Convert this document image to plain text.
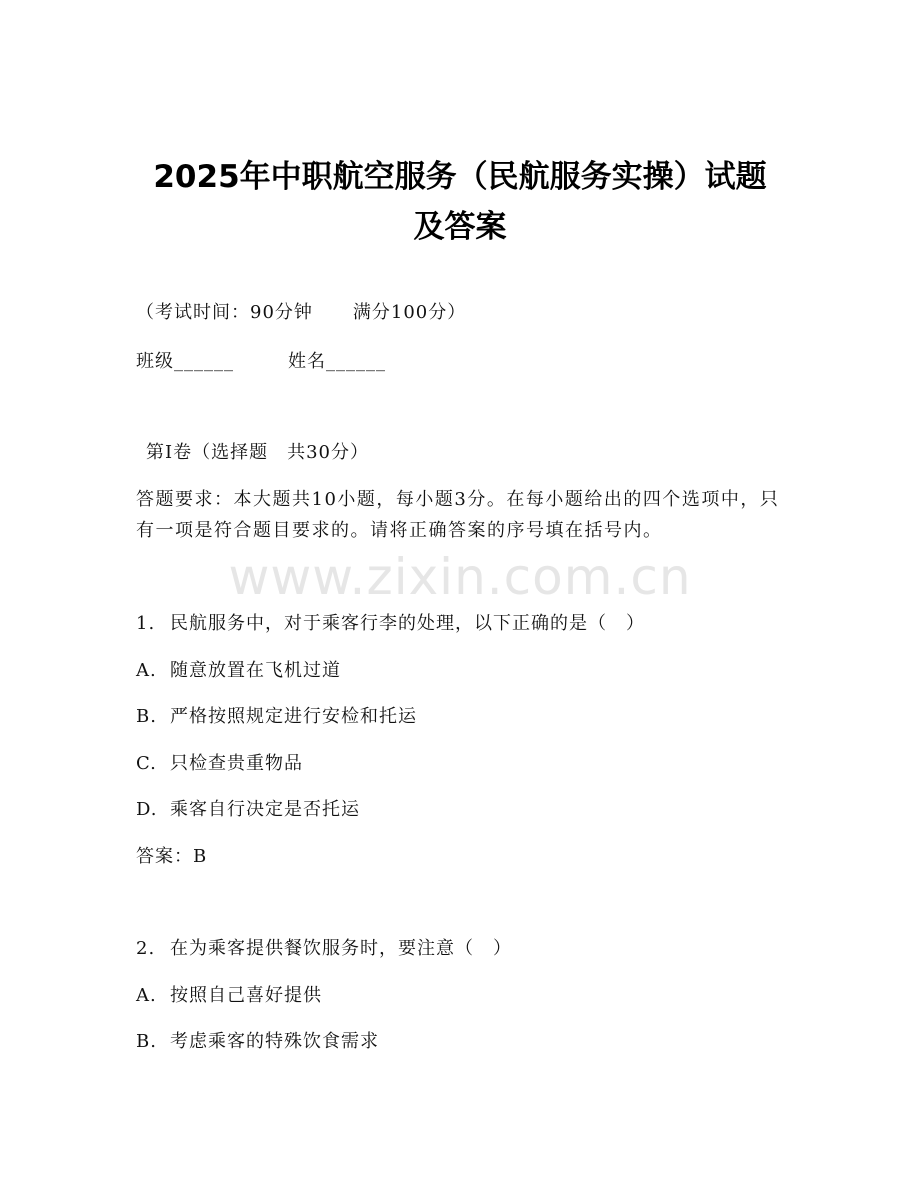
2025年中职航空服务（民航服务实操）试题
及答案
（考试时间：90分钟 满分100分）
班级______	姓名______
第Ⅰ卷（选择题　共30分）
答题要求：本大题共10小题，每小题3分。在每小题给出的四个选项中，只有一项是符合题目要求的。请将正确答案的序号填在括号内。
www.zixin.com.cn
1. 民航服务中，对于乘客行李的处理，以下正确的是（　）
A. 随意放置在飞机过道
B. 严格按照规定进行安检和托运
C. 只检查贵重物品
D. 乘客自行决定是否托运
答案：B
2. 在为乘客提供餐饮服务时，要注意（　）
A. 按照自己喜好提供
B. 考虑乘客的特殊饮食需求
